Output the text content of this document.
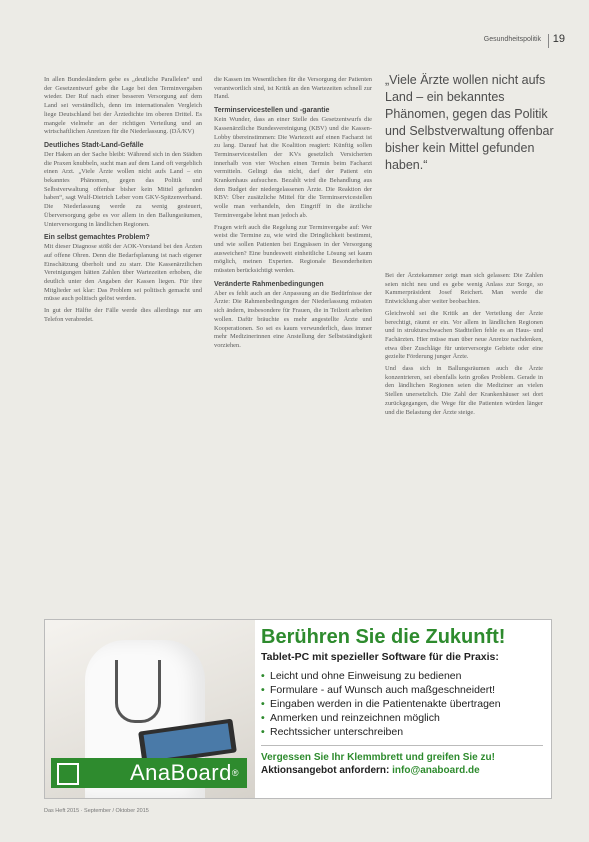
Gesundheitspolitik 19

In allen Bundesländern gebe es „deutliche Parallelen“ und der Gesetzentwurf gebe die Lage bei den Terminvergaben wieder. Der Ruf nach einer besseren Versorgung auf dem Land sei verständlich, denn im internationalen Vergleich liege Deutschland bei der Ärztedichte im oberen Drittel. Es mangele vielmehr an der richtigen Verteilung und an wirtschaftlichen Anreizen für die Niederlassung. (DÄ/KV)

Deutliches Stadt-Land-Gefälle

Der Haken an der Sache bleibt: Während sich in den Städten die Praxen knubbeln, sucht man auf dem Land oft vergeblich einen Arzt. „Viele Ärzte wollen nicht aufs Land – ein bekanntes Phänomen, gegen das Politik und Selbstverwaltung offenbar bisher kein Mittel gefunden haben“, sagt Wulf-Dietrich Leber vom GKV-Spitzenverband. Die Niederlassung werde zu wenig gesteuert, Überversorgung gebe es vor allem in den Ballungsräumen, Unterversorgung in ländlichen Regionen.

Ein selbst gemachtes Problem?

Mit dieser Diagnose stößt der AOK-Vorstand bei den Ärzten auf offene Ohren. Denn die Bedarfsplanung ist nach eigener Einschätzung überholt und zu starr. Die Kassenärztlichen Vereinigungen hätten Zahlen über Wartezeiten erhoben, die deutlich unter den Angaben der Kassen liegen. Für ihre Mitglieder sei klar: Das Problem sei politisch gemacht und müsse auch politisch gelöst werden.

In gut der Hälfte der Fälle werde dies allerdings nur am Telefon verabredet.

die Kassen im Wesentlichen für die Versorgung der Patienten verantwortlich sind, ist Kritik an den Wartezeiten schnell zur Hand.

Terminservicestellen und -garantie

Kein Wunder, dass an einer Stelle des Gesetzentwurfs die Kassenärztliche Bundesvereinigung (KBV) und die Kassen-Lobby übereinstimmen: Die Wartezeit auf einen Facharzt ist zu lang. Darauf hat die Koalition reagiert: Künftig sollen Terminservicestellen der KVs gesetzlich Versicherten innerhalb von vier Wochen einen Termin beim Facharzt vermitteln. Gelingt das nicht, darf der Patient ein Krankenhaus aufsuchen. Bezahlt wird die Behandlung aus dem Budget der niedergelassenen Ärzte. Die Reaktion der KBV: Über zusätzliche Mittel für die Terminservicestellen wolle man verhandeln, den Eingriff in die ärztliche Terminvergabe lehnt man jedoch ab.

Fragen wirft auch die Regelung zur Terminvergabe auf: Wer weist die Termine zu, wie wird die Dringlichkeit bestimmt, und wie sollen Patienten bei Engpässen in der Versorgung ausweichen? Eine bundesweit einheitliche Lösung sei kaum möglich, meinen Experten. Regionale Besonderheiten müssten berücksichtigt werden.

Veränderte Rahmenbedingungen

Aber es fehlt auch an der Anpassung an die Bedürfnisse der Ärzte: Die Rahmenbedingungen der Niederlassung müssten sich ändern, insbesondere für Frauen, die in Teilzeit arbeiten wollen. Dafür bräuchte es mehr angestellte Ärzte und Kooperationen. So sei es kaum verwunderlich, dass immer mehr Medizinerinnen eine Anstellung der Selbstständigkeit vorziehen.

„Viele Ärzte wollen nicht aufs Land – ein bekanntes Phänomen, gegen das Politik und Selbstverwaltung offenbar bisher kein Mittel gefunden haben.“

Bei der Ärztekammer zeigt man sich gelassen: Die Zahlen seien nicht neu und es gebe wenig Anlass zur Sorge, so Kammerpräsident Josef Reichert. Man werde die Entwicklung aber weiter beobachten.

Gleichwohl sei die Kritik an der Verteilung der Ärzte berechtigt, räumt er ein. Vor allem in ländlichen Regionen und in strukturschwachen Stadtteilen fehle es an Haus- und Fachärzten. Hier müsse man über neue Anreize nachdenken, etwa über Zuschläge für unterversorgte Gebiete oder eine gezielte Förderung junger Ärzte.

Und dass sich in Ballungsräumen auch die Ärzte konzentrieren, sei ebenfalls kein großes Problem. Gerade in den ländlichen Regionen seien die Mediziner an vielen Stellen unersetzlich. Die Zahl der Krankenhäuser sei dort zurückgegangen, die Wege für die Patienten würden länger und die Belastung der Ärzte steige.

AnaBoard ®
Berühren Sie die Zukunft!
Tablet-PC mit spezieller Software für die Praxis:
• Leicht und ohne Einweisung zu bedienen
• Formulare - auf Wunsch auch maßgeschneidert!
• Eingaben werden in die Patientenakte übertragen
• Anmerken und reinzeichnen möglich
• Rechtssicher unterschreiben
Vergessen Sie Ihr Klemmbrett und greifen Sie zu!
Aktionsangebot anfordern: info@anaboard.de
Das Heft 2015 · September / Oktober 2015
